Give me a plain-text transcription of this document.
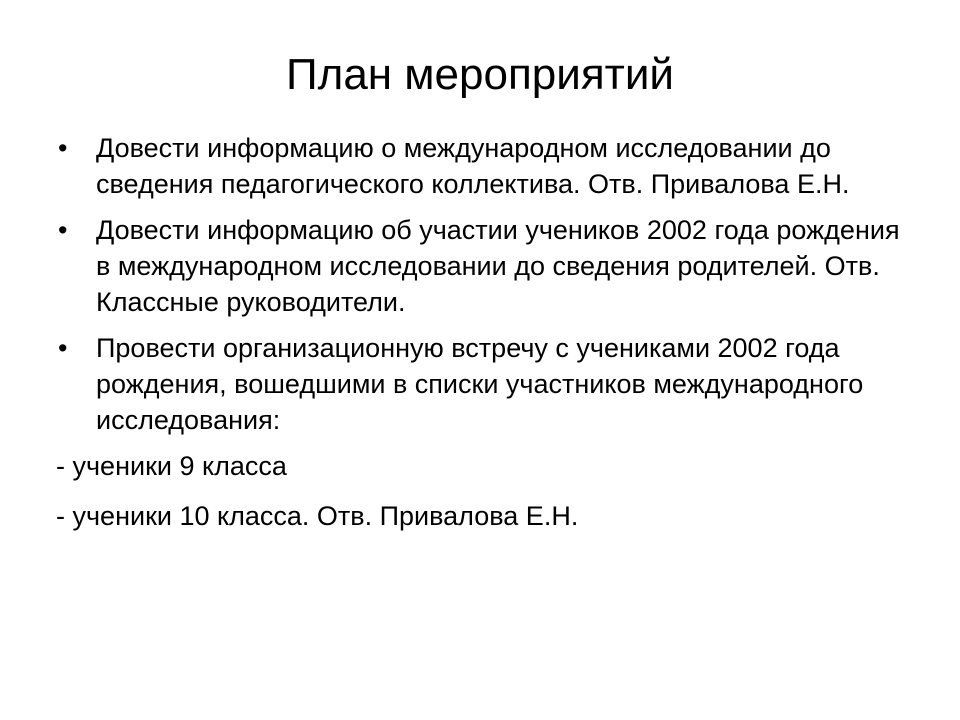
План мероприятий
•	Довести информацию о международном исследовании до сведения педагогического коллектива. Отв. Привалова Е.Н.
•	Довести информацию об участии учеников 2002 года рождения в международном исследовании до сведения родителей. Отв. Классные руководители.
•	Провести организационную встречу с учениками 2002 года рождения, вошедшими в списки участников международного исследования:
- ученики 9 класса
- ученики 10 класса. Отв. Привалова Е.Н.
